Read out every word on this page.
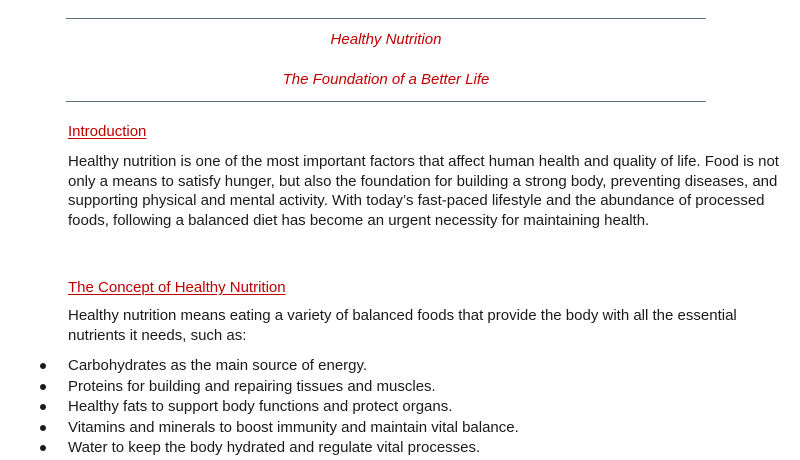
Healthy Nutrition
The Foundation of a Better Life
Introduction

Healthy nutrition is one of the most important factors that affect human health and quality of life. Food is not only a means to satisfy hunger, but also the foundation for building a strong body, preventing diseases, and supporting physical and mental activity. With today’s fast-paced lifestyle and the abundance of processed foods, following a balanced diet has become an urgent necessity for maintaining health.

The Concept of Healthy Nutrition

Healthy nutrition means eating a variety of balanced foods that provide the body with all the essential nutrients it needs, such as:

Carbohydrates as the main source of energy.
Proteins for building and repairing tissues and muscles.
Healthy fats to support body functions and protect organs.
Vitamins and minerals to boost immunity and maintain vital balance.
Water to keep the body hydrated and regulate vital processes.
